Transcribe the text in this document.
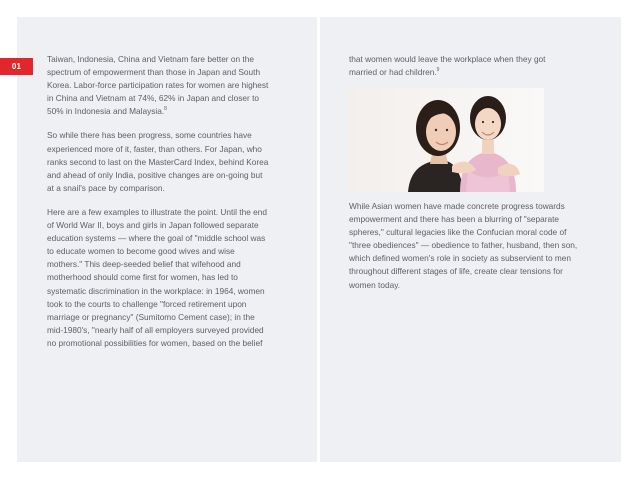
01

Taiwan, Indonesia, China and Vietnam fare better on the spectrum of empowerment than those in Japan and South Korea. Labor-force participation rates for women are highest in China and Vietnam at 74%, 62% in Japan and closer to 50% in Indonesia and Malaysia.$^8$

So while there has been progress, some countries have experienced more of it, faster, than others. For Japan, who ranks second to last on the MasterCard Index, behind Korea and ahead of only India, positive changes are on-going but at a snail's pace by comparison.

Here are a few examples to illustrate the point. Until the end of World War II, boys and girls in Japan followed separate education systems — where the goal of "middle school was to educate women to become good wives and wise mothers." This deep-seeded belief that wifehood and motherhood should come first for women, has led to systematic discrimination in the workplace: in 1964, women took to the courts to challenge "forced retirement upon marriage or pregnancy" (Sumitomo Cement case); in the mid-1980's, "nearly half of all employers surveyed provided no promotional possibilities for women, based on the belief

that women would leave the workplace when they got married or had children.$^9$

While Asian women have made concrete progress towards empowerment and there has been a blurring of "separate spheres," cultural legacies like the Confucian moral code of "three obediences" — obedience to father, husband, then son, which defined women's role in society as subservient to men throughout different stages of life, create clear tensions for women today.
